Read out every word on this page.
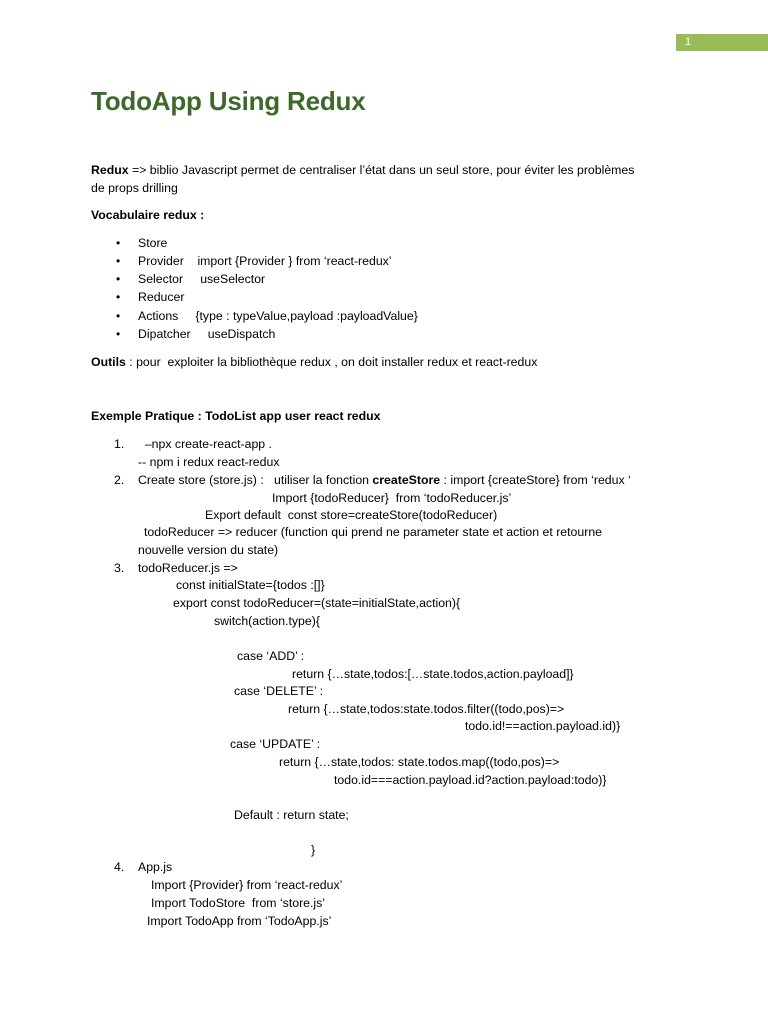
1
TodoApp Using Redux
Redux => biblio Javascript permet de centraliser l’état dans un seul store, pour éviter les problèmes
de props drilling
Vocabulaire redux :
• Store
• Provider    import {Provider } from ‘react-redux’
• Selector     useSelector
• Reducer
• Actions     {type : typeValue,payload :payloadValue}
• Dipatcher     useDispatch
Outils : pour  exploiter la bibliothèque redux , on doit installer redux et react-redux
Exemple Pratique : TodoList app user react redux
1. –npx create-react-app .
-- npm i redux react-redux
2. Create store (store.js) :   utiliser la fonction createStore : import {createStore} from ‘redux ‘
Import {todoReducer}  from ‘todoReducer.js’
Export default  const store=createStore(todoReducer)
todoReducer => reducer (function qui prend ne parameter state et action et retourne
nouvelle version du state)
3. todoReducer.js =>
const initialState={todos :[]}
export const todoReducer=(state=initialState,action){
switch(action.type){
case ‘ADD’ :
return {…state,todos:[…state.todos,action.payload]}
case ‘DELETE’ :
return {…state,todos:state.todos.filter((todo,pos)=>
todo.id!==action.payload.id)}
case ‘UPDATE’ :
return {…state,todos: state.todos.map((todo,pos)=>
todo.id===action.payload.id?action.payload:todo)}
Default : return state;
}
4. App.js
Import {Provider} from ‘react-redux’
Import TodoStore  from ‘store.js’
Import TodoApp from ‘TodoApp.js’
